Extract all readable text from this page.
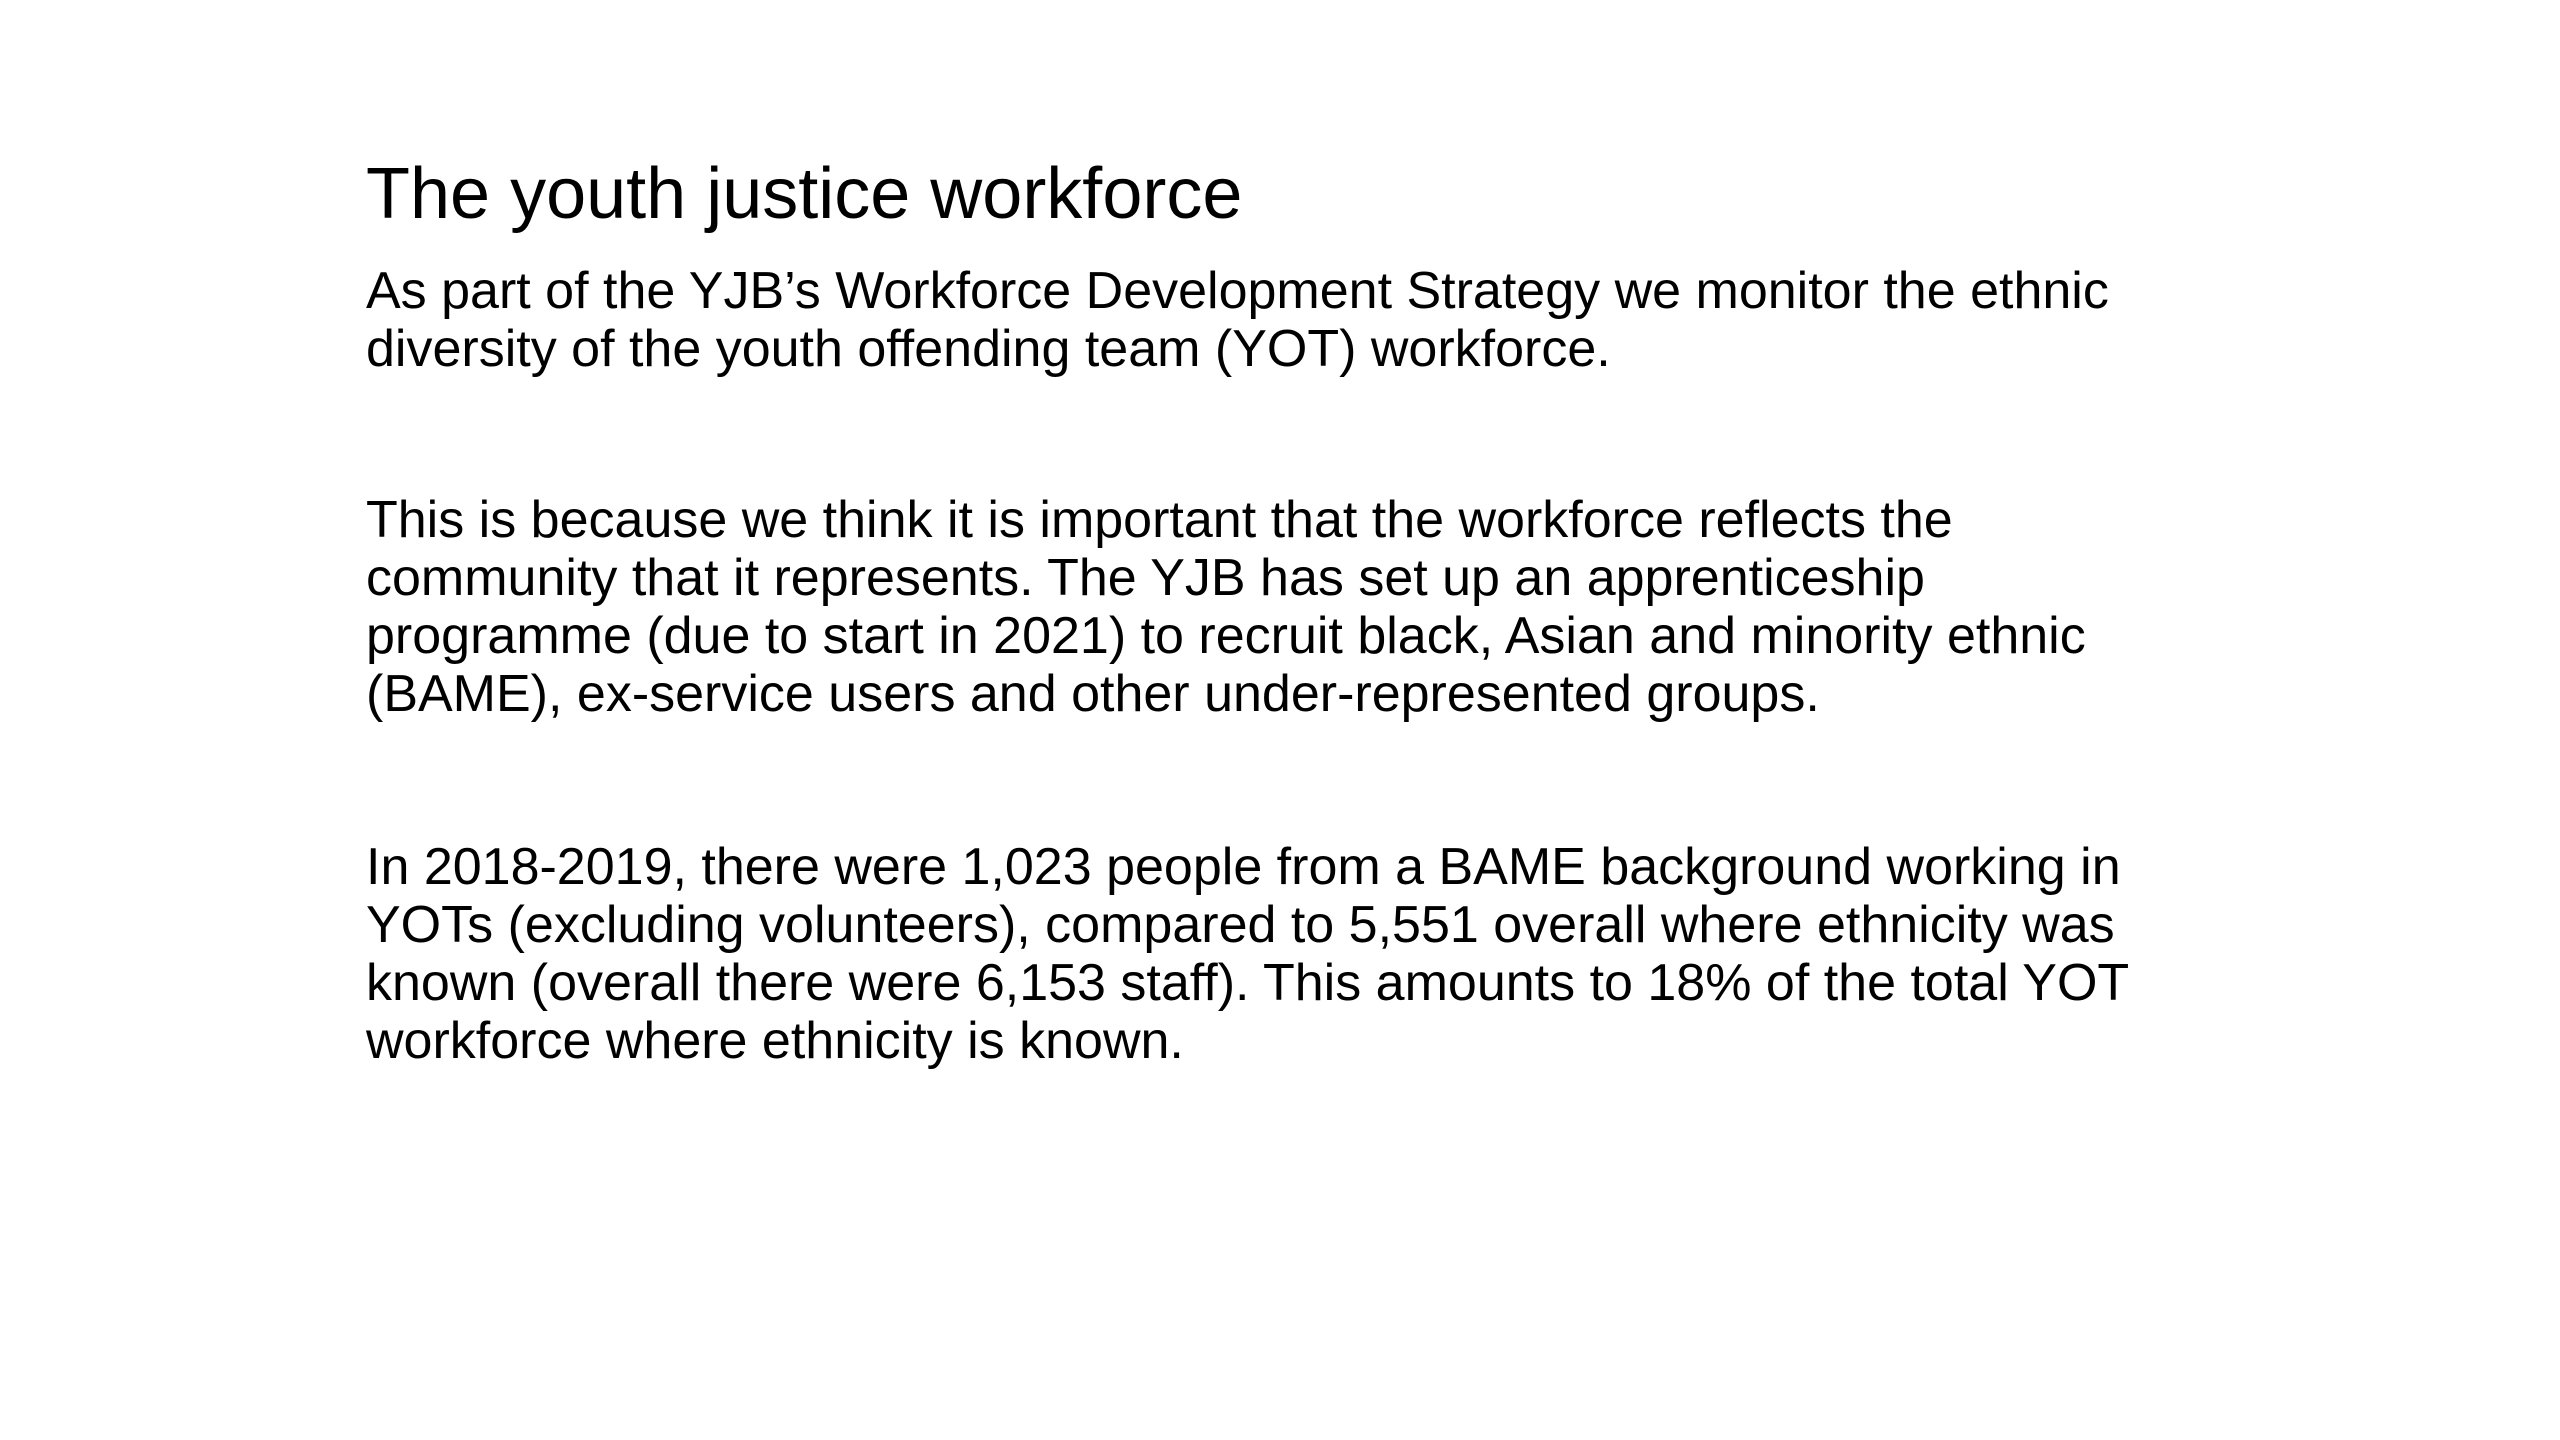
The youth justice workforce

As part of the YJB’s Workforce Development Strategy we monitor the ethnic
diversity of the youth offending team (YOT) workforce.

This is because we think it is important that the workforce reflects the
community that it represents. The YJB has set up an apprenticeship
programme (due to start in 2021) to recruit black, Asian and minority ethnic
(BAME), ex-service users and other under-represented groups.

In 2018-2019, there were 1,023 people from a BAME background working in
YOTs (excluding volunteers), compared to 5,551 overall where ethnicity was
known (overall there were 6,153 staff). This amounts to 18% of the total YOT
workforce where ethnicity is known.
